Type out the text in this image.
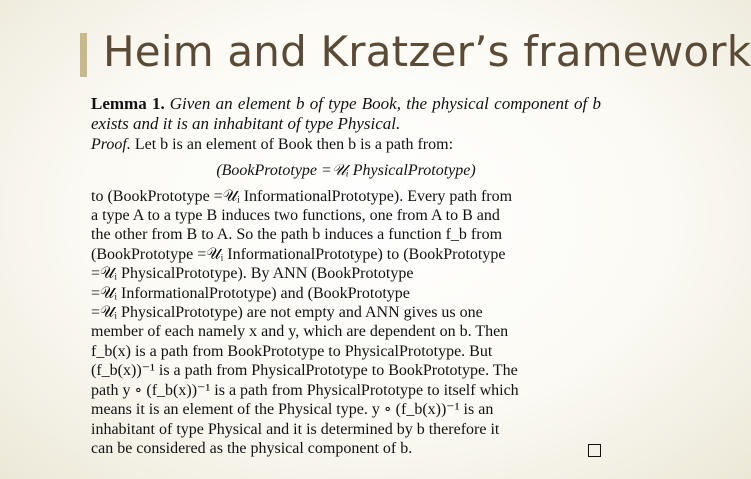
Heim and Kratzer’s framework

Lemma 1. Given an element b of type Book, the physical component of b exists and it is an inhabitant of type Physical.

Proof. Let b is an element of Book then b is a path from:

(BookPrototype =𝒰ᵢ PhysicalPrototype)

to (BookPrototype =𝒰ᵢ InformationalPrototype). Every path from

a type A to a type B induces two functions, one from A to B and

the other from B to A. So the path b induces a function f_b from

(BookPrototype =𝒰ᵢ InformationalPrototype) to (BookPrototype

=𝒰ᵢ PhysicalPrototype). By ANN (BookPrototype

=𝒰ᵢ InformationalPrototype) and (BookPrototype

=𝒰ᵢ PhysicalPrototype) are not empty and ANN gives us one

member of each namely x and y, which are dependent on b. Then

f_b(x) is a path from BookPrototype to PhysicalPrototype. But

(f_b(x))⁻¹ is a path from PhysicalPrototype to BookPrototype. The

path y ∘ (f_b(x))⁻¹ is a path from PhysicalPrototype to itself which

means it is an element of the Physical type. y ∘ (f_b(x))⁻¹ is an

inhabitant of type Physical and it is determined by b therefore it

can be considered as the physical component of b.
